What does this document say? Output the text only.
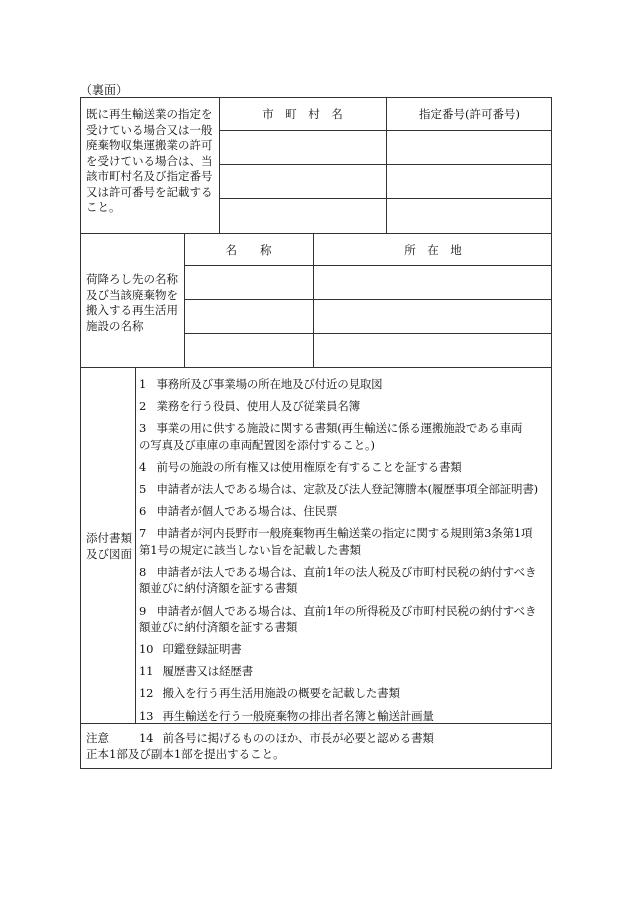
（裏面）
既に再生輸送業の指定を
受けている場合又は一般
廃棄物収集運搬業の許可
を受けている場合は、当
該市町村名及び指定番号
又は許可番号を記載する
こと。
市　町　村　名	指定番号(許可番号)
荷降ろし先の名称
及び当該廃棄物を
搬入する再生活用
施設の名称
名　　称	所　在　地
添付書類
及び図面
1 事務所及び事業場の所在地及び付近の見取図
2 業務を行う役員、使用人及び従業員名簿
3 事業の用に供する施設に関する書類(再生輸送に係る運搬施設である車両
の写真及び車庫の車両配置図を添付すること。)
4 前号の施設の所有権又は使用権原を有することを証する書類
5 申請者が法人である場合は、定款及び法人登記簿謄本(履歴事項全部証明書)
6 申請者が個人である場合は、住民票
7 申請者が河内長野市一般廃棄物再生輸送業の指定に関する規則第3条第1項
第1号の規定に該当しない旨を記載した書類
8 申請者が法人である場合は、直前1年の法人税及び市町村民税の納付すべき
額並びに納付済額を証する書類
9 申請者が個人である場合は、直前1年の所得税及び市町村民税の納付すべき
額並びに納付済額を証する書類
10 印鑑登録証明書
11 履歴書又は経歴書
12 搬入を行う再生活用施設の概要を記載した書類
13 再生輸送を行う一般廃棄物の排出者名簿と輸送計画量
14 前各号に掲げるもののほか、市長が必要と認める書類
注意
正本1部及び副本1部を提出すること。
